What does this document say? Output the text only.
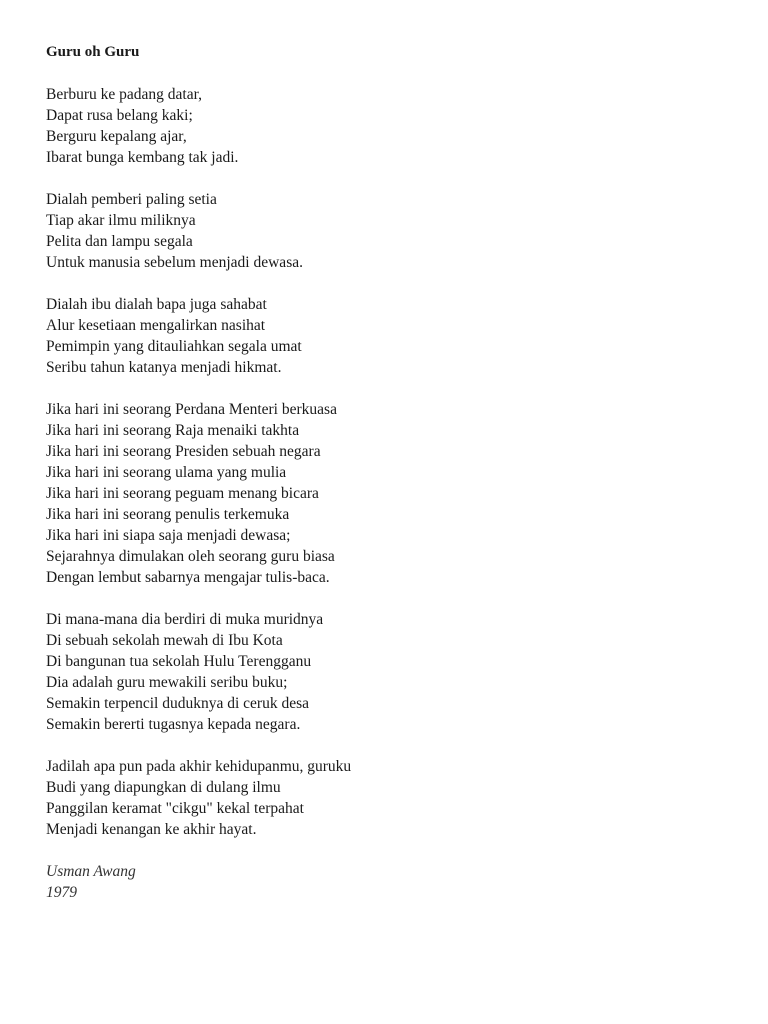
Guru oh Guru
Berburu ke padang datar,
Dapat rusa belang kaki;
Berguru kepalang ajar,
Ibarat bunga kembang tak jadi.
Dialah pemberi paling setia
Tiap akar ilmu miliknya
Pelita dan lampu segala
Untuk manusia sebelum menjadi dewasa.
Dialah ibu dialah bapa juga sahabat
Alur kesetiaan mengalirkan nasihat
Pemimpin yang ditauliahkan segala umat
Seribu tahun katanya menjadi hikmat.
Jika hari ini seorang Perdana Menteri berkuasa
Jika hari ini seorang Raja menaiki takhta
Jika hari ini seorang Presiden sebuah negara
Jika hari ini seorang ulama yang mulia
Jika hari ini seorang peguam menang bicara
Jika hari ini seorang penulis terkemuka
Jika hari ini siapa saja menjadi dewasa;
Sejarahnya dimulakan oleh seorang guru biasa
Dengan lembut sabarnya mengajar tulis-baca.
Di mana-mana dia berdiri di muka muridnya
Di sebuah sekolah mewah di Ibu Kota
Di bangunan tua sekolah Hulu Terengganu
Dia adalah guru mewakili seribu buku;
Semakin terpencil duduknya di ceruk desa
Semakin bererti tugasnya kepada negara.
Jadilah apa pun pada akhir kehidupanmu, guruku
Budi yang diapungkan di dulang ilmu
Panggilan keramat "cikgu" kekal terpahat
Menjadi kenangan ke akhir hayat.
Usman Awang
1979
